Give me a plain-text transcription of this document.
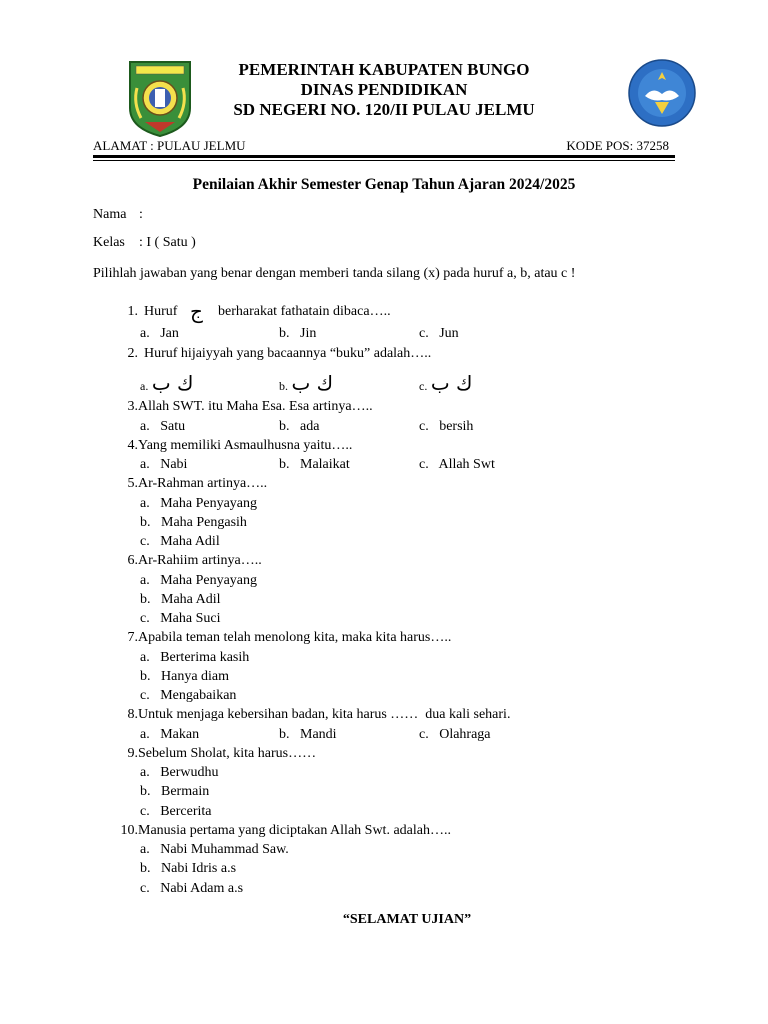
PEMERINTAH KABUPATEN BUNGO
DINAS PENDIDIKAN
SD NEGERI NO. 120/II PULAU JELMU
ALAMAT : PULAU JELMU	KODE POS: 37258
Penilaian Akhir Semester Genap Tahun Ajaran 2024/2025
Nama :
Kelas : I ( Satu )
Pilihlah jawaban yang benar dengan memberi tanda silang (x) pada huruf a, b, atau c !
1. Huruf ج berharakat fathatain dibaca…..
a. Jan	b. Jin	c. Jun
2. Huruf hijaiyyah yang bacaannya “buku” adalah…..
a. ك ب	b. ك ب	c. ك ب
3. Allah SWT. itu Maha Esa. Esa artinya…..
a. Satu	b. ada	c. bersih
4. Yang memiliki Asmaulhusna yaitu…..
a. Nabi	b. Malaikat	c. Allah Swt
5. Ar-Rahman artinya…..
a. Maha Penyayang
b. Maha Pengasih
c. Maha Adil
6. Ar-Rahiim artinya…..
a. Maha Penyayang
b. Maha Adil
c. Maha Suci
7. Apabila teman telah menolong kita, maka kita harus…..
a. Berterima kasih
b. Hanya diam
c. Mengabaikan
8. Untuk menjaga kebersihan badan, kita harus ……  dua kali sehari.
a. Makan	b. Mandi	c. Olahraga
9. Sebelum Sholat, kita harus……
a. Berwudhu
b. Bermain
c. Bercerita
10. Manusia pertama yang diciptakan Allah Swt. adalah…..
a. Nabi Muhammad Saw.
b. Nabi Idris a.s
c. Nabi Adam a.s
“SELAMAT UJIAN”
